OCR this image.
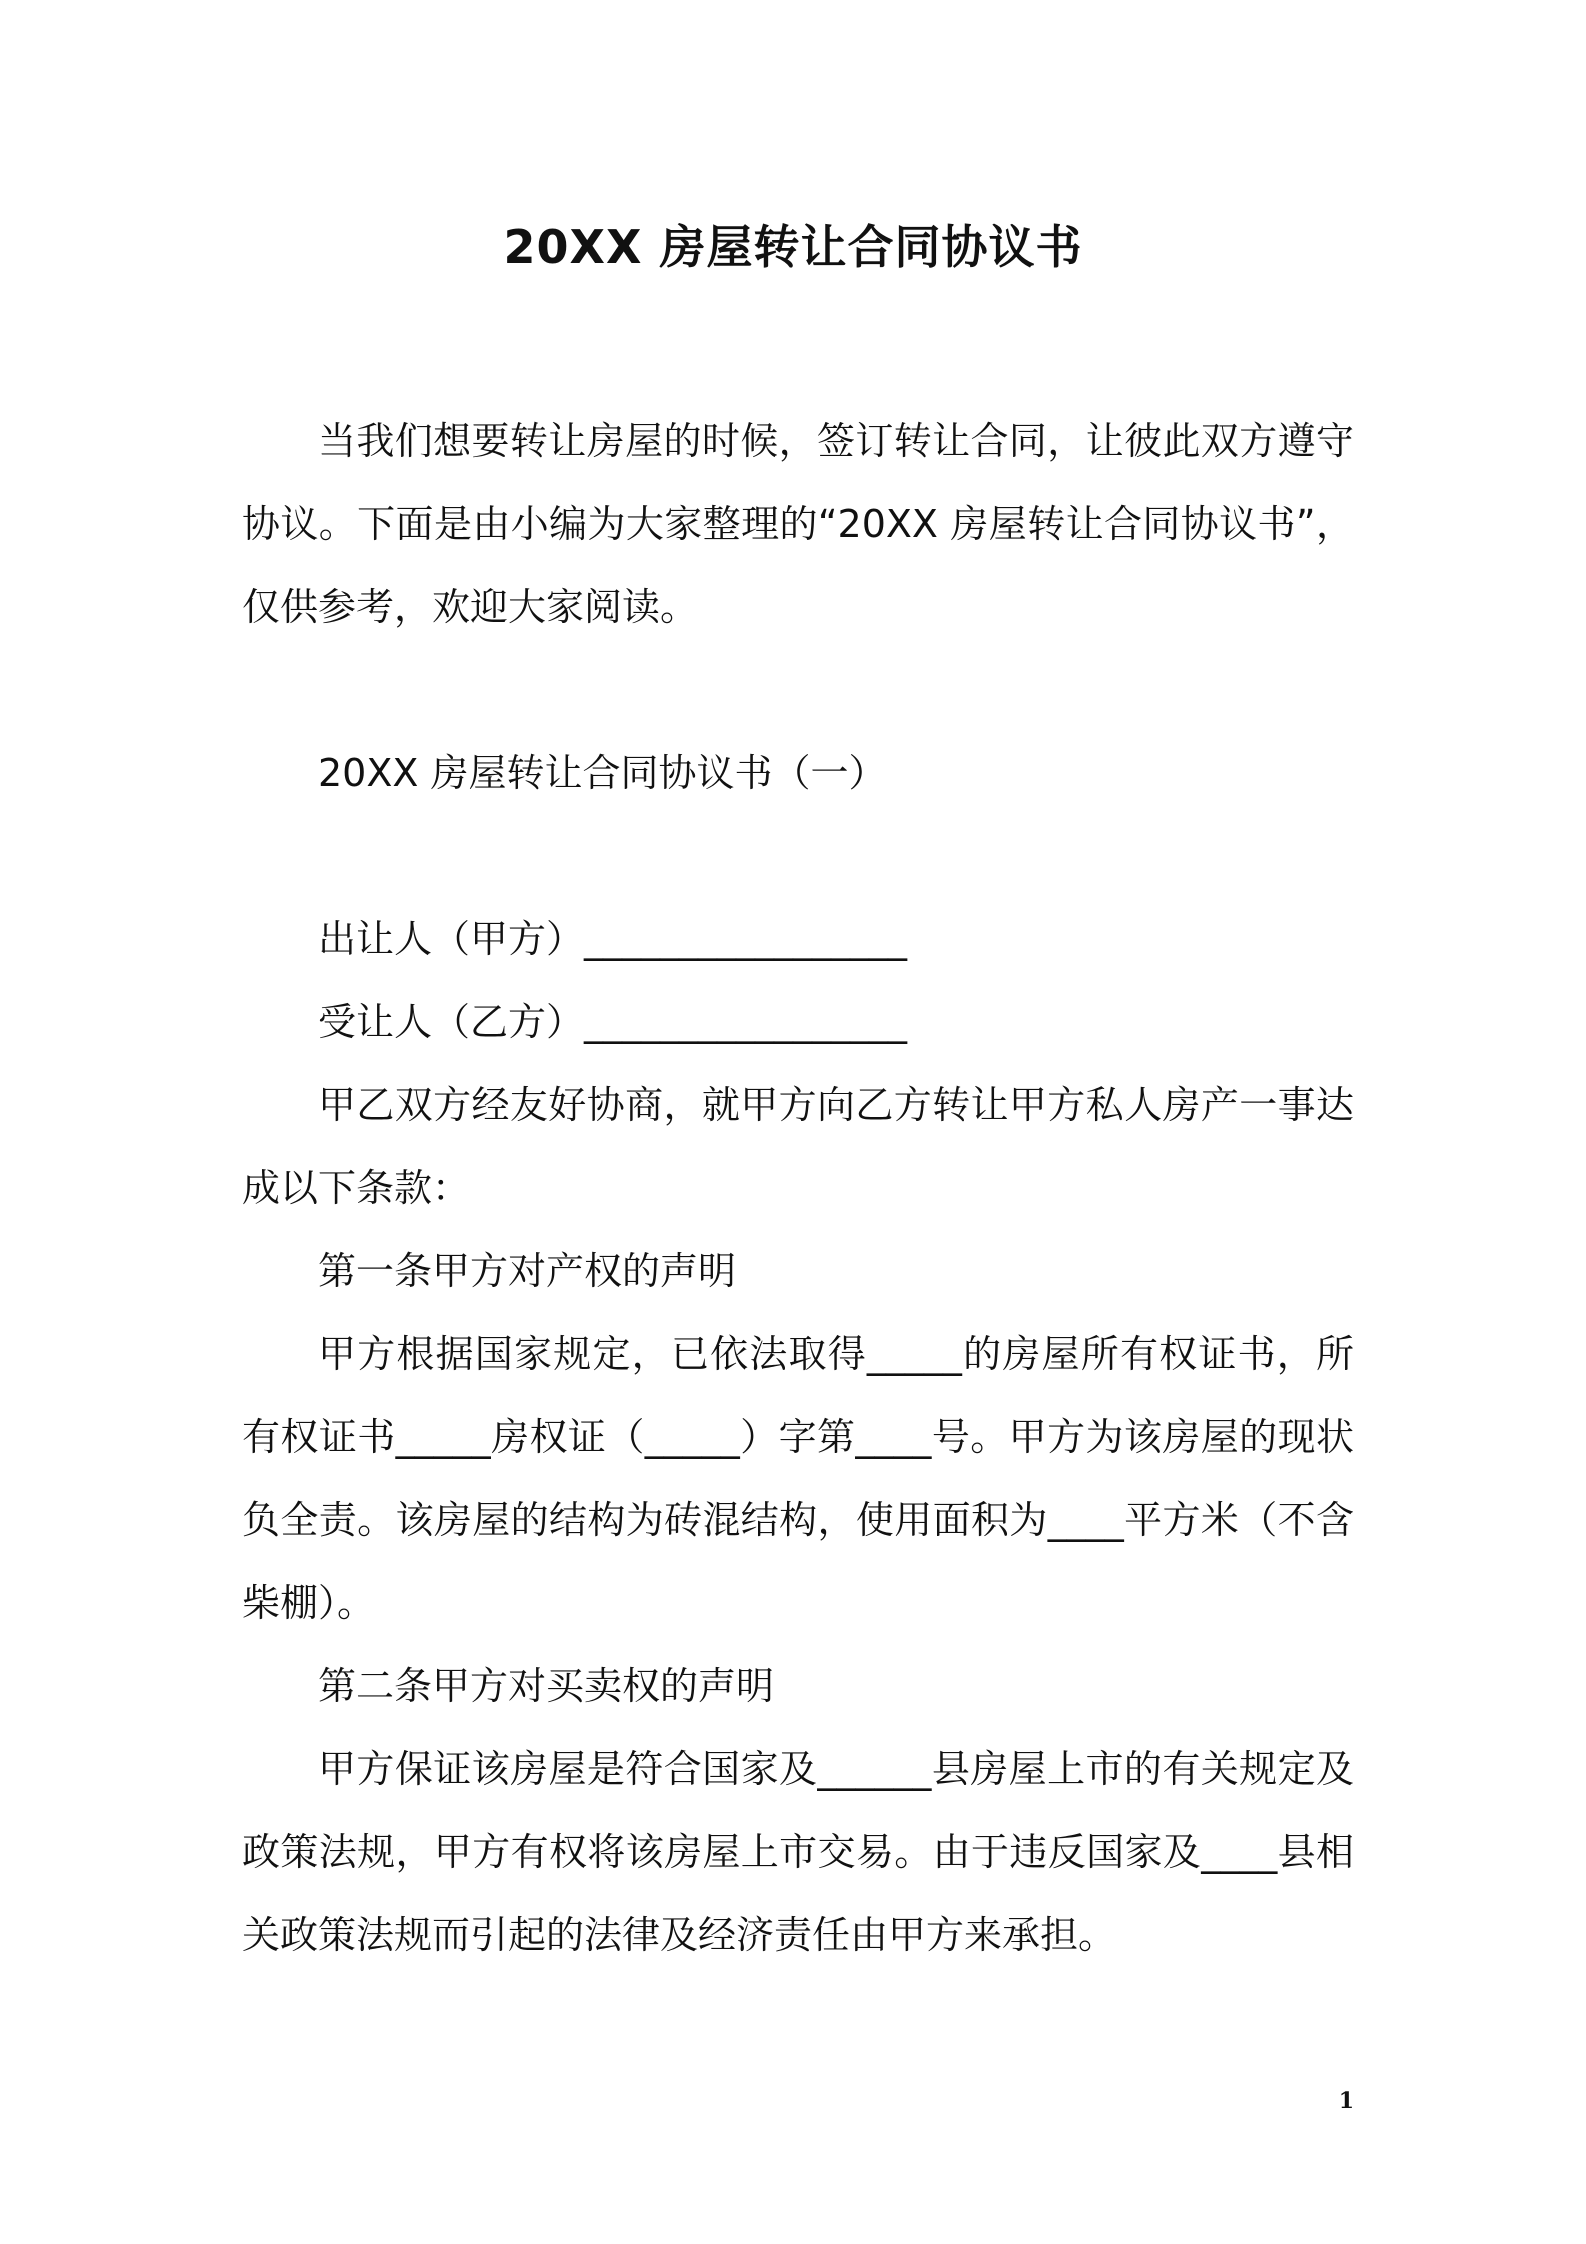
20XX 房屋转让合同协议书

当我们想要转让房屋的时候，签订转让合同，让彼此双方遵守协议。下面是由小编为大家整理的“20XX 房屋转让合同协议书”，仅供参考，欢迎大家阅读。

20XX 房屋转让合同协议书（一）

出让人（甲方）_________________

受让人（乙方）_________________

甲乙双方经友好协商，就甲方向乙方转让甲方私人房产一事达成以下条款：

第一条甲方对产权的声明

甲方根据国家规定，已依法取得_____的房屋所有权证书，所有权证书_____房权证（_____）字第____号。甲方为该房屋的现状负全责。该房屋的结构为砖混结构，使用面积为____平方米（不含柴棚）。

第二条甲方对买卖权的声明

甲方保证该房屋是符合国家及______县房屋上市的有关规定及政策法规，甲方有权将该房屋上市交易。由于违反国家及____县相关政策法规而引起的法律及经济责任由甲方来承担。

1
